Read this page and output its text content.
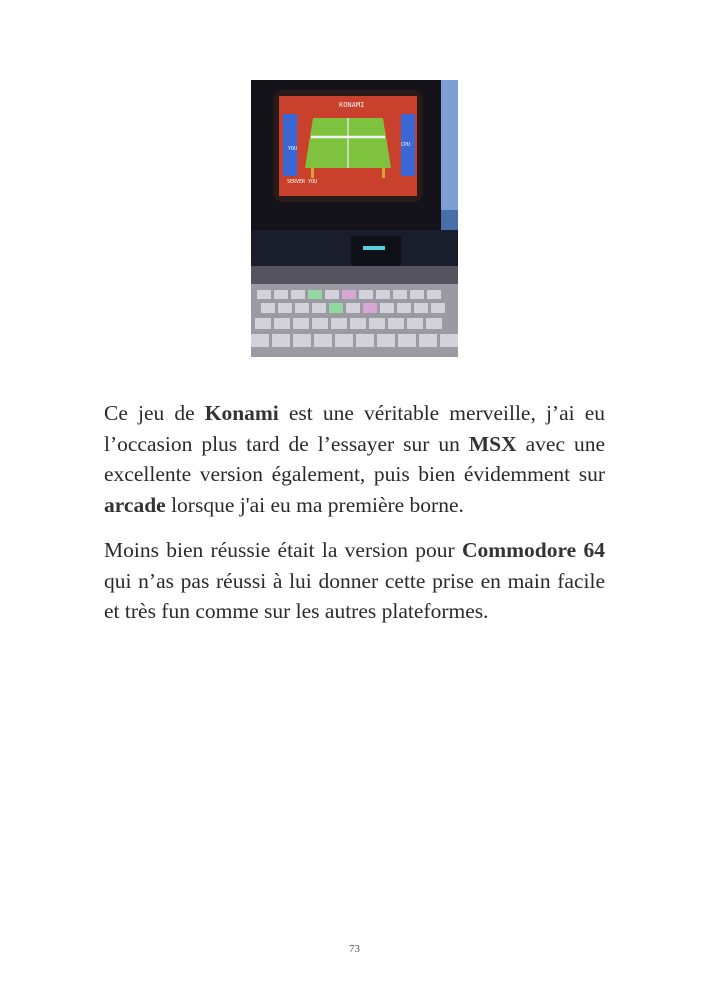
KONAMI
YOU
CPU
SERVER YOU

Ce jeu de Konami est une véritable merveille, j’ai eu l’occasion plus tard de l’essayer sur un MSX avec une excellente version également, puis bien évidemment sur arcade lorsque j'ai eu ma première borne.

Moins bien réussie était la version pour Commodore 64 qui n’as pas réussi à lui donner cette prise en main facile et très fun comme sur les autres plateformes.

73
